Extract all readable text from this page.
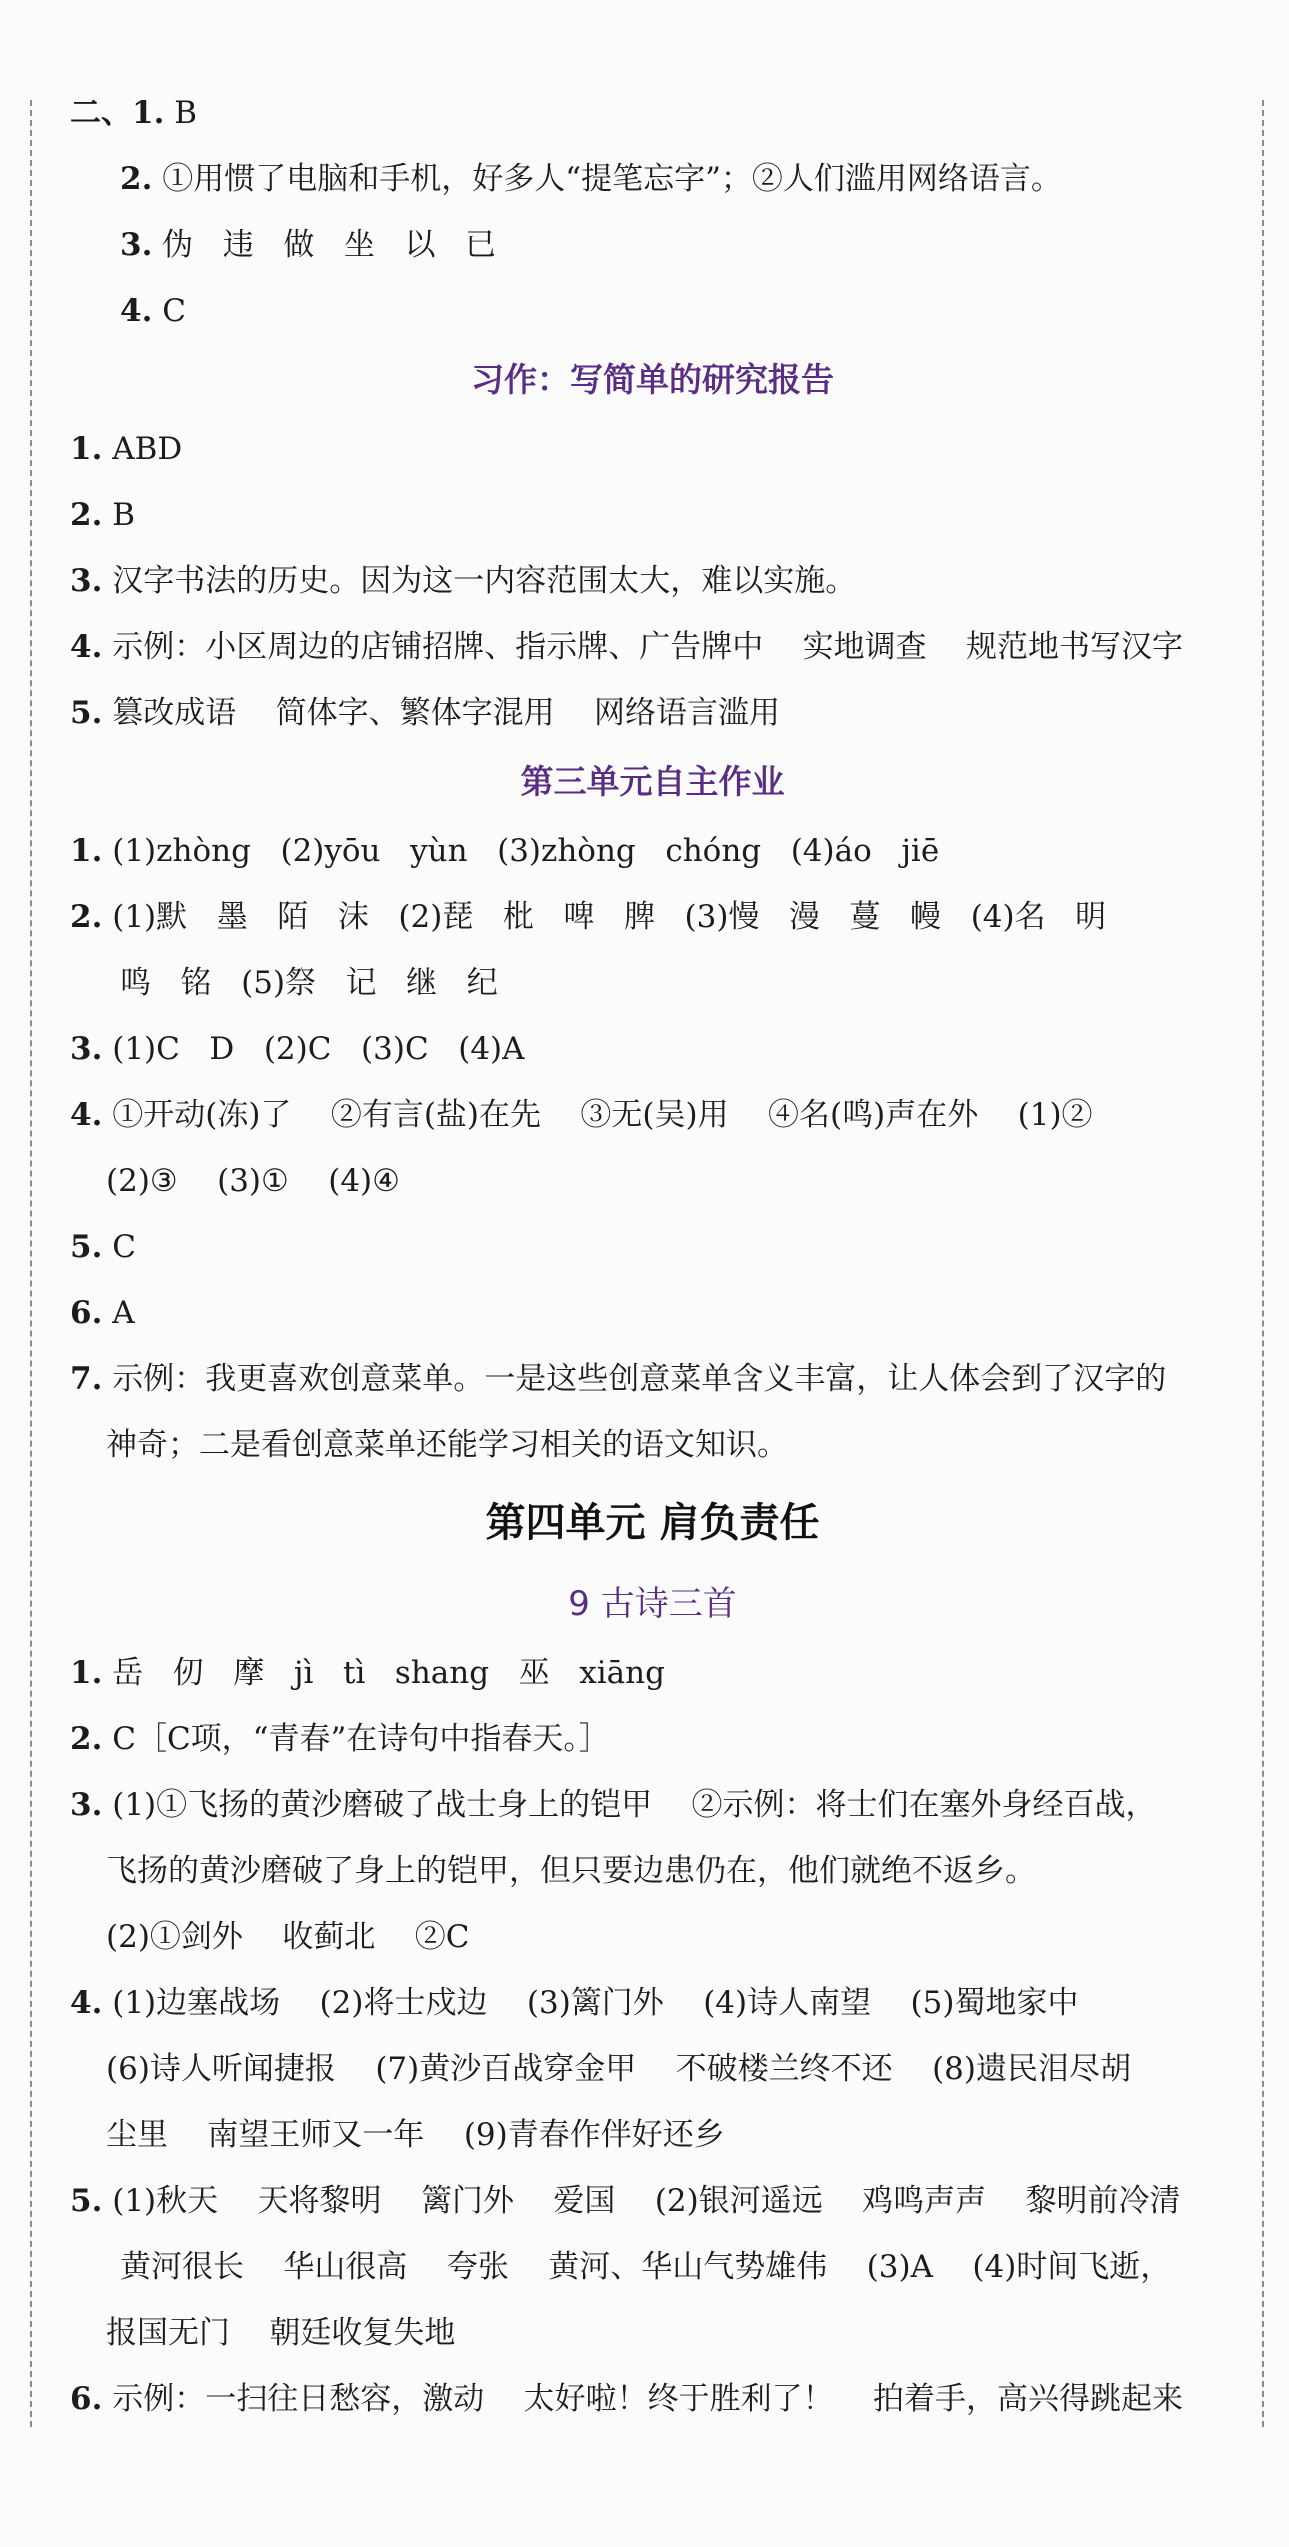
二、1. B
2. ①用惯了电脑和手机，好多人“提笔忘字”；②人们滥用网络语言。
3. 伪   违   做   坐   以   已
4. C
习作：写简单的研究报告
1. ABD
2. B
3. 汉字书法的历史。因为这一内容范围太大，难以实施。
4. 示例：小区周边的店铺招牌、指示牌、广告牌中    实地调查    规范地书写汉字
5. 篡改成语    简体字、繁体字混用    网络语言滥用
第三单元自主作业
1. (1)zhòng   (2)yōu   yùn   (3)zhòng   chóng   (4)áo   jiē
2. (1)默   墨   陌   沫   (2)琵   枇   啤   脾   (3)慢   漫   蔓   幔   (4)名   明
鸣   铭   (5)祭   记   继   纪
3. (1)C   D   (2)C   (3)C   (4)A
4. ①开动(冻)了    ②有言(盐)在先    ③无(吴)用    ④名(鸣)声在外    (1)②
(2)③    (3)①    (4)④
5. C
6. A
7. 示例：我更喜欢创意菜单。一是这些创意菜单含义丰富，让人体会到了汉字的
神奇；二是看创意菜单还能学习相关的语文知识。
第四单元 肩负责任
9 古诗三首
1. 岳   仞   摩   jì   tì   shang   巫   xiāng
2. C［C项，“青春”在诗句中指春天。］
3. (1)①飞扬的黄沙磨破了战士身上的铠甲    ②示例：将士们在塞外身经百战，
飞扬的黄沙磨破了身上的铠甲，但只要边患仍在，他们就绝不返乡。
(2)①剑外    收蓟北    ②C
4. (1)边塞战场    (2)将士戍边    (3)篱门外    (4)诗人南望    (5)蜀地家中
(6)诗人听闻捷报    (7)黄沙百战穿金甲    不破楼兰终不还    (8)遗民泪尽胡
尘里    南望王师又一年    (9)青春作伴好还乡
5. (1)秋天    天将黎明    篱门外    爱国    (2)银河遥远    鸡鸣声声    黎明前冷清
黄河很长    华山很高    夸张    黄河、华山气势雄伟    (3)A    (4)时间飞逝，
报国无门    朝廷收复失地
6. 示例：一扫往日愁容，激动    太好啦！终于胜利了！    拍着手，高兴得跳起来
